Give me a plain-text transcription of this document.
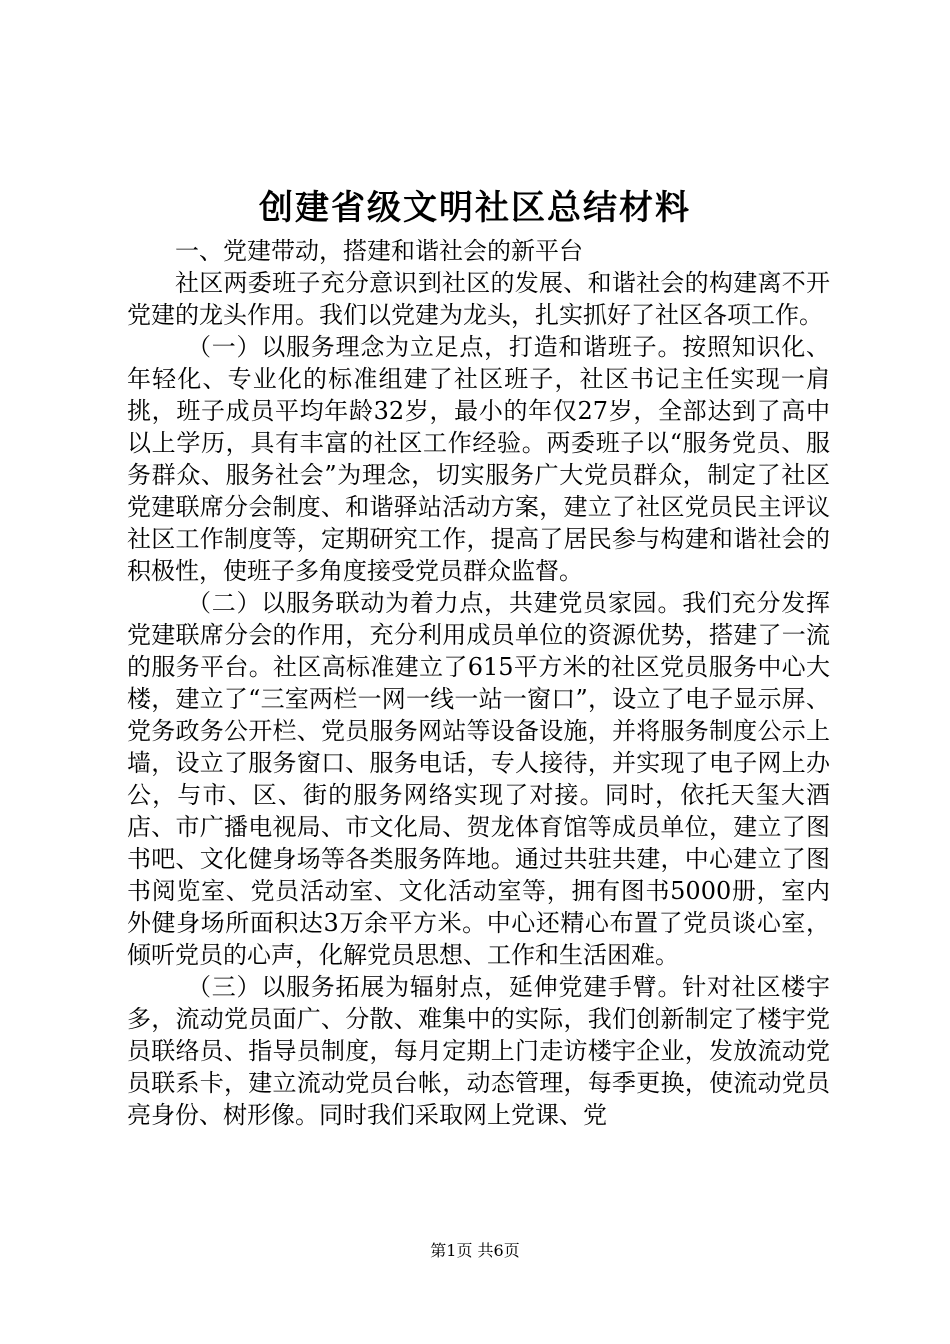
创建省级文明社区总结材料

一、党建带动，搭建和谐社会的新平台

社区两委班子充分意识到社区的发展、和谐社会的构建离不开党建的龙头作用。我们以党建为龙头，扎实抓好了社区各项工作。

（一）以服务理念为立足点，打造和谐班子。按照知识化、年轻化、专业化的标准组建了社区班子，社区书记主任实现一肩挑，班子成员平均年龄32岁，最小的年仅27岁，全部达到了高中以上学历，具有丰富的社区工作经验。两委班子以“服务党员、服务群众、服务社会”为理念，切实服务广大党员群众，制定了社区党建联席分会制度、和谐驿站活动方案，建立了社区党员民主评议社区工作制度等，定期研究工作，提高了居民参与构建和谐社会的积极性，使班子多角度接受党员群众监督。

（二）以服务联动为着力点，共建党员家园。我们充分发挥党建联席分会的作用，充分利用成员单位的资源优势，搭建了一流的服务平台。社区高标准建立了615平方米的社区党员服务中心大楼，建立了“三室两栏一网一线一站一窗口”，设立了电子显示屏、党务政务公开栏、党员服务网站等设备设施，并将服务制度公示上墙，设立了服务窗口、服务电话，专人接待，并实现了电子网上办公，与市、区、街的服务网络实现了对接。同时，依托天玺大酒店、市广播电视局、市文化局、贺龙体育馆等成员单位，建立了图书吧、文化健身场等各类服务阵地。通过共驻共建，中心建立了图书阅览室、党员活动室、文化活动室等，拥有图书5000册，室内外健身场所面积达3万余平方米。中心还精心布置了党员谈心室，倾听党员的心声，化解党员思想、工作和生活困难。

（三）以服务拓展为辐射点，延伸党建手臂。针对社区楼宇多，流动党员面广、分散、难集中的实际，我们创新制定了楼宇党员联络员、指导员制度，每月定期上门走访楼宇企业，发放流动党员联系卡，建立流动党员台帐，动态管理，每季更换，使流动党员亮身份、树形像。同时我们采取网上党课、党

第1页 共6页
